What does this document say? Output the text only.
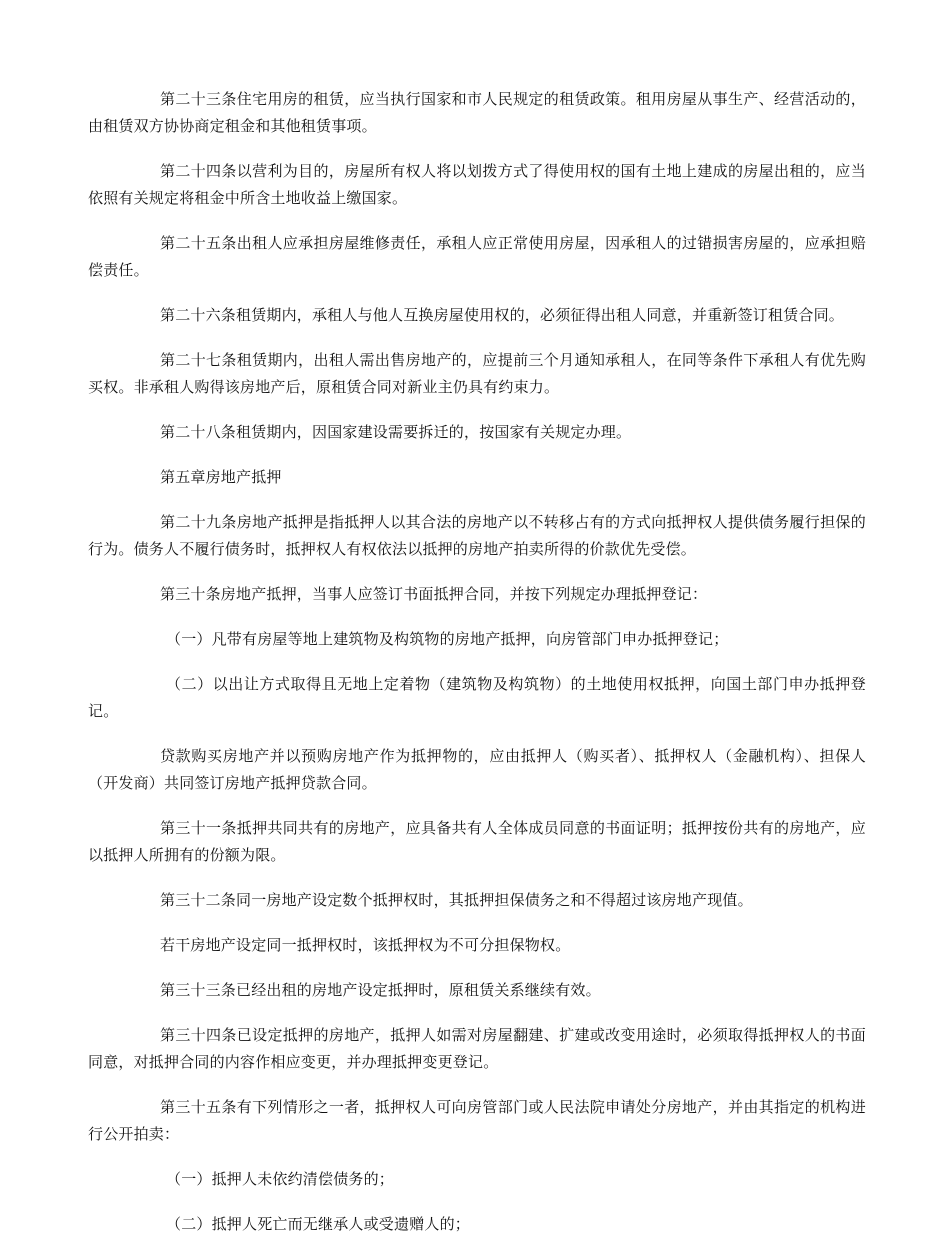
第二十三条住宅用房的租赁，应当执行国家和市人民规定的租赁政策。租用房屋从事生产、经营活动的，由租赁双方协协商定租金和其他租赁事项。

第二十四条以营利为目的，房屋所有权人将以划拨方式了得使用权的国有土地上建成的房屋出租的，应当依照有关规定将租金中所含土地收益上缴国家。

第二十五条出租人应承担房屋维修责任，承租人应正常使用房屋，因承租人的过错损害房屋的，应承担赔偿责任。

第二十六条租赁期内，承租人与他人互换房屋使用权的，必须征得出租人同意，并重新签订租赁合同。

第二十七条租赁期内，出租人需出售房地产的，应提前三个月通知承租人，在同等条件下承租人有优先购买权。非承租人购得该房地产后，原租赁合同对新业主仍具有约束力。

第二十八条租赁期内，因国家建设需要拆迁的，按国家有关规定办理。

第五章房地产抵押

第二十九条房地产抵押是指抵押人以其合法的房地产以不转移占有的方式向抵押权人提供债务履行担保的行为。债务人不履行债务时，抵押权人有权依法以抵押的房地产拍卖所得的价款优先受偿。

第三十条房地产抵押，当事人应签订书面抵押合同，并按下列规定办理抵押登记：

（一）凡带有房屋等地上建筑物及构筑物的房地产抵押，向房管部门申办抵押登记；

（二）以出让方式取得且无地上定着物（建筑物及构筑物）的土地使用权抵押，向国土部门申办抵押登记。

贷款购买房地产并以预购房地产作为抵押物的，应由抵押人（购买者）、抵押权人（金融机构）、担保人（开发商）共同签订房地产抵押贷款合同。

第三十一条抵押共同共有的房地产，应具备共有人全体成员同意的书面证明；抵押按份共有的房地产，应以抵押人所拥有的份额为限。

第三十二条同一房地产设定数个抵押权时，其抵押担保债务之和不得超过该房地产现值。

若干房地产设定同一抵押权时，该抵押权为不可分担保物权。

第三十三条已经出租的房地产设定抵押时，原租赁关系继续有效。

第三十四条已设定抵押的房地产，抵押人如需对房屋翻建、扩建或改变用途时，必须取得抵押权人的书面同意，对抵押合同的内容作相应变更，并办理抵押变更登记。

第三十五条有下列情形之一者，抵押权人可向房管部门或人民法院申请处分房地产，并由其指定的机构进行公开拍卖：

（一）抵押人未依约清偿债务的；

（二）抵押人死亡而无继承人或受遗赠人的；
